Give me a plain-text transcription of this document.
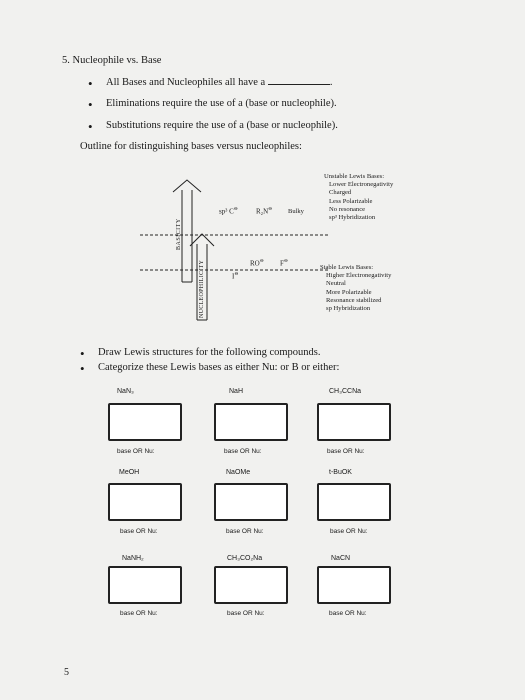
5. Nucleophile vs. Base
• All Bases and Nucleophiles all have a	.
• Eliminations require the use of a (base or nucleophile).
• Substitutions require the use of a (base or nucleophile).
Outline for distinguishing bases versus nucleophiles:
BASICITY
NUCLEOPHILICITY
sp³ C⊖	R₂N⊖ Bulky
RO⊖ F⊖
I⊖
Unstable Lewis Bases:
Lower Electronegativity
Charged
Less Polarizable
No resonance
sp³ Hybridization
Stable Lewis Bases:
Higher Electronegativity
Neutral
More Polarizable
Resonance stabilized
sp Hybridization
• Draw Lewis structures for the following compounds.
• Categorize these Lewis bases as either Nu: or B or either:
NaN₃
base OR Nu:
NaH
base OR Nu:
CH₃CCNa
base OR Nu:
MeOH
base OR Nu:
NaOMe
base OR Nu:
t-BuOK
base OR Nu:
NaNH₂
base OR Nu:
CH₃CO₂Na
base OR Nu:
NaCN
base OR Nu:
5
